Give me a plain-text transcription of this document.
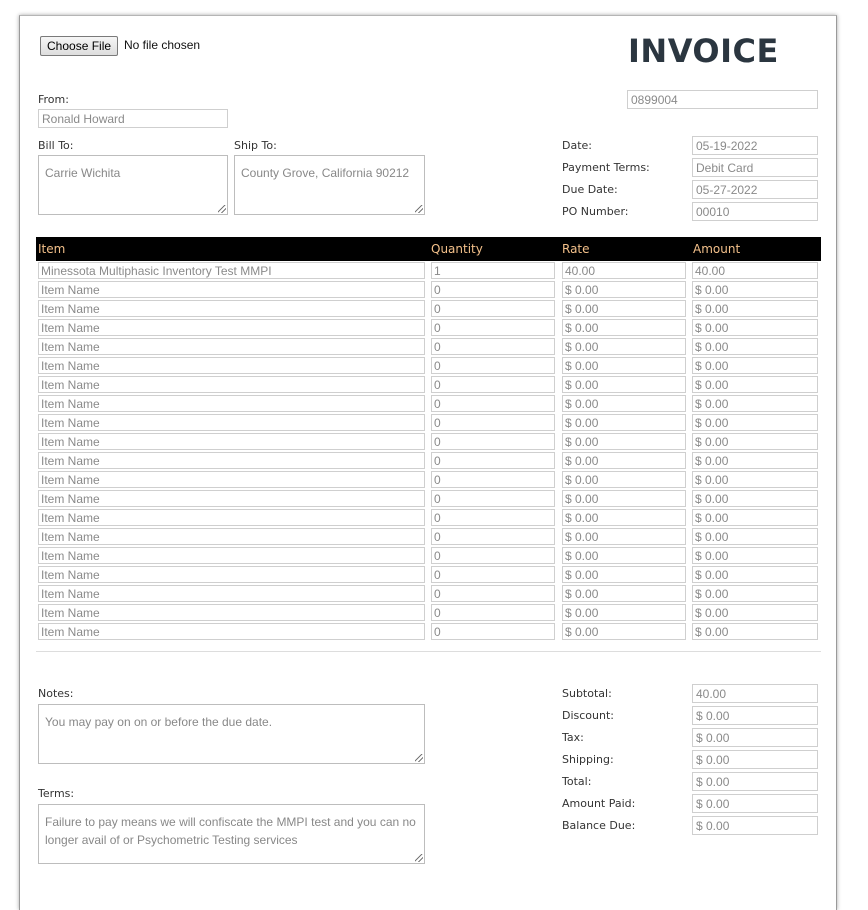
Choose File	No file chosen	INVOICE
0899004
From:
Ronald Howard
Bill To:
Carrie Wichita
Ship To:
County Grove, California 90212
Date:	05-19-2022
Payment Terms:	Debit Card
Due Date:	05-27-2022
PO Number:	00010
Item	Quantity	Rate	Amount
Minessota Multiphasic Inventory Test MMPI	1	40.00	40.00
Item Name	0	$ 0.00	$ 0.00
Item Name	0	$ 0.00	$ 0.00
Item Name	0	$ 0.00	$ 0.00
Item Name	0	$ 0.00	$ 0.00
Item Name	0	$ 0.00	$ 0.00
Item Name	0	$ 0.00	$ 0.00
Item Name	0	$ 0.00	$ 0.00
Item Name	0	$ 0.00	$ 0.00
Item Name	0	$ 0.00	$ 0.00
Item Name	0	$ 0.00	$ 0.00
Item Name	0	$ 0.00	$ 0.00
Item Name	0	$ 0.00	$ 0.00
Item Name	0	$ 0.00	$ 0.00
Item Name	0	$ 0.00	$ 0.00
Item Name	0	$ 0.00	$ 0.00
Item Name	0	$ 0.00	$ 0.00
Item Name	0	$ 0.00	$ 0.00
Item Name	0	$ 0.00	$ 0.00
Item Name	0	$ 0.00	$ 0.00
Notes:
You may pay on on or before the due date.
Terms:
Failure to pay means we will confiscate the MMPI test and you can no longer avail of or Psychometric Testing services
Subtotal:	40.00
Discount:	$ 0.00
Tax:	$ 0.00
Shipping:	$ 0.00
Total:	$ 0.00
Amount Paid:	$ 0.00
Balance Due:	$ 0.00
